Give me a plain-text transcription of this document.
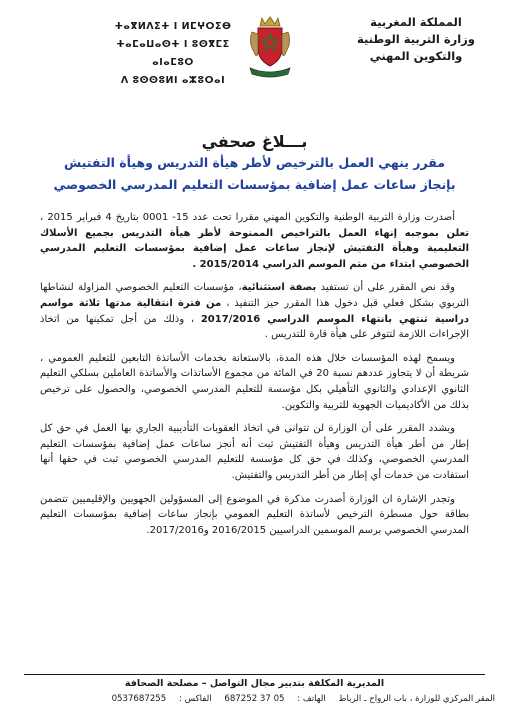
ⵜⴰⴳⵍⴷⵉⵜ ⵏ ⵍⵎⵖⵔⵉⴱ
ⵜⴰⵎⴰⵡⴰⵙⵜ ⵏ ⵓⵙⴳⵎⵉ ⴰⵏⴰⵎⵓⵔ
ⴷ ⵓⵙⵙⵓⵍⵏ ⴰⵣⵓⵔⴰⵏ
المملكة المغربية
وزارة التربية الوطنية
والتكوين المهني
بـــلاغ صحفي
مقرر ينهي العمل بالترخيص لأطر هيأة التدريس وهيأة التفتيش
بإنجاز ساعات عمل إضافية بمؤسسات التعليم المدرسي الخصوصي

أصدرت وزارة التربية الوطنية والتكوين المهني مقررا تحت عدد 15- 0001 بتاريخ 4 فبراير 2015 ، تعلن بموجبه إنهاء العمل بالتراخيص الممنوحة لأطر هيأة التدريس بجميع الأسلاك التعليمية وهيأة التفتيش لإنجاز ساعات عمل إضافية بمؤسسات التعليم المدرسي الخصوصي ابتداء من متم الموسم الدراسي 2015/2014 .

وقد نص المقرر على أن تستفيد بصفة استثنائية، مؤسسات التعليم الخصوصي المزاولة لنشاطها التربوي بشكل فعلي قبل دخول هذا المقرر حيز التنفيذ ، من فترة انتقالية مدتها ثلاثة مواسم دراسية تنتهي بانتهاء الموسم الدراسي 2017/2016 ، وذلك من أجل تمكينها من اتخاذ الإجراءات اللازمة لتتوفر على هيأة قارة للتدريس .

ويسمح لهذه المؤسسات خلال هذه المدة، بالاستعانة بخدمات الأساتذة التابعين للتعليم العمومي ، شريطة أن لا يتجاوز عددهم نسبة 20 في المائة من مجموع الأساتذات والأساتذة العاملين بسلكي التعليم الثانوي الإعدادي والثانوي التأهيلي بكل مؤسسة للتعليم المدرسي الخصوصي، والحصول على ترخيص بذلك من الأكاديميات الجهوية للتربية والتكوين.

ويشدد المقرر على أن الوزارة لن تتوانى في اتخاذ العقوبات التأديبية الجاري بها العمل في حق كل إطار من أطر هيأة التدريس وهيأة التفتيش ثبت أنه أنجز ساعات عمل إضافية بمؤسسات التعليم المدرسي الخصوصي، وكذلك في حق كل مؤسسة للتعليم المدرسي الخصوصي ثبت في حقها أنها استفادت من خدمات أي إطار من أطر التدريس والتفتيش.

وتجدر الإشارة ان الوزارة أصدرت مذكرة في الموضوع إلى المسؤولين الجهويين والإقليميين تتضمن بطاقة حول مسطرة الترخيص لأساتذة التعليم العمومي بإنجاز ساعات إضافية بمؤسسات التعليم المدرسي الخصوصي برسم الموسمين الدراسيين 2016/2015 و2017/2016.

المديرية المكلفة بتدبير مجال التواصل – مصلحة الصحافة
المقر المركزي للوزارة ، باب الرواح ـ الرباط الهاتف : 05 37 687252 الفاكس : 0537687255
